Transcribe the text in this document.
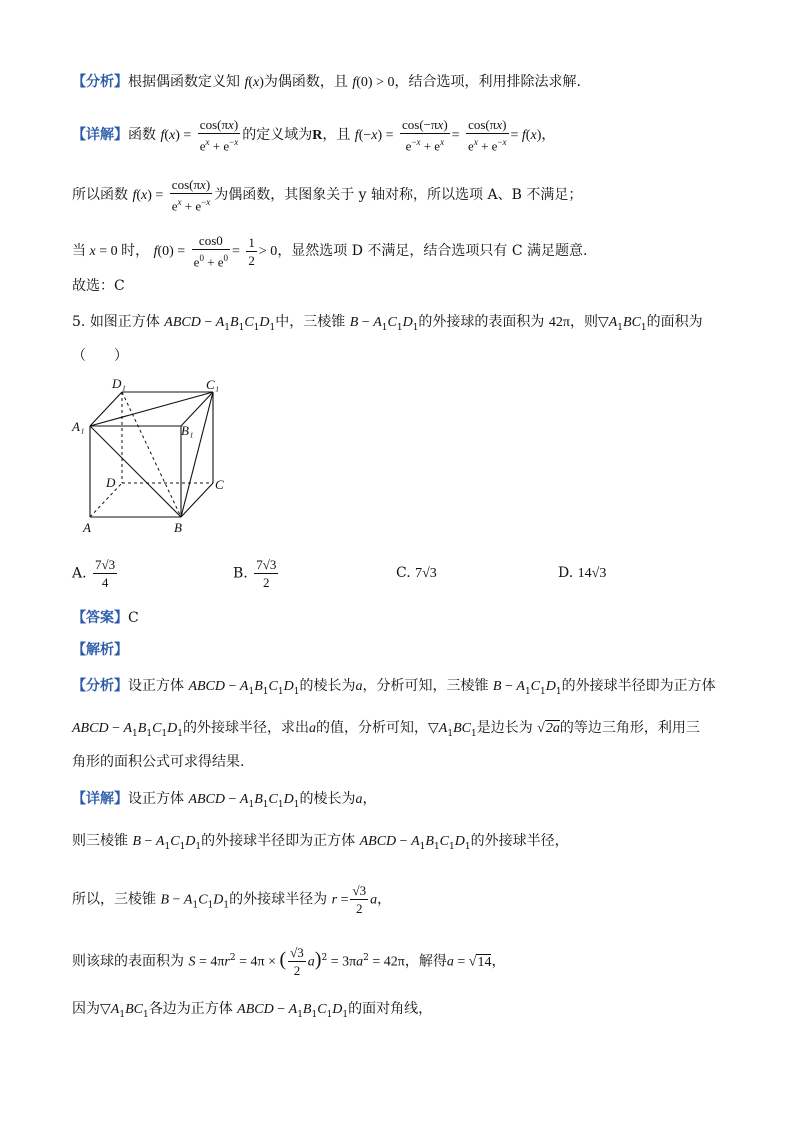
【分析】根据偶函数定义知 f(x)为偶函数，且 f(0) > 0，结合选项，利用排除法求解.
【详解】函数 $f(x) = \frac{\cos(\pi x)}{e^x + e^{-x}}$ 的定义域为R，且 $f(-x) = \frac{\cos(-\pi x)}{e^{-x} + e^x} = \frac{\cos(\pi x)}{e^x + e^{-x}} = f(x)$，
所以函数 $f(x) = \frac{\cos(\pi x)}{e^x + e^{-x}}$ 为偶函数，其图象关于 y 轴对称，所以选项 A、B 不满足；
当 x = 0 时， $f(0) = \frac{\cos 0}{e^0 + e^0} = \frac{1}{2} > 0$，显然选项 D 不满足，结合选项只有 C 满足题意.
故选：C
5. 如图正方体 ABCD − $A_1B_1C_1D_1$中，三棱锥 $B - A_1C_1D_1$的外接球的表面积为 42π，则$▽A_1BC_1$的面积为
（　　）
D₁	C₁
A₁	B₁
D	C
A	B
A. $\frac{7√3}{4}$	B. $\frac{7√3}{2}$	C. 7√3	D. 14√3
【答案】C
【解析】
【分析】设正方体 ABCD − $A_1B_1C_1D_1$的棱长为a，分析可知，三棱锥 $B - A_1C_1D_1$的外接球半径即为正方体
ABCD − $A_1B_1C_1D_1$的外接球半径，求出a的值，分析可知，$▽A_1BC_1$是边长为 √2a的等边三角形，利用三
角形的面积公式可求得结果.
【详解】设正方体 ABCD − $A_1B_1C_1D_1$的棱长为a，
则三棱锥 $B - A_1C_1D_1$的外接球半径即为正方体 ABCD − $A_1B_1C_1D_1$的外接球半径，
所以，三棱锥 $B - A_1C_1D_1$的外接球半径为 $r = \frac{√3}{2}$ a，
则该球的表面积为 $S = 4\pi r^2 = 4\pi$ × ( $\frac{√3}{2} a)^2 = 3\pi a^2 = 42\pi$，解得a = √14，
因为$▽A_1BC_1$各边为正方体 ABCD − $A_1B_1C_1D_1$的面对角线，
